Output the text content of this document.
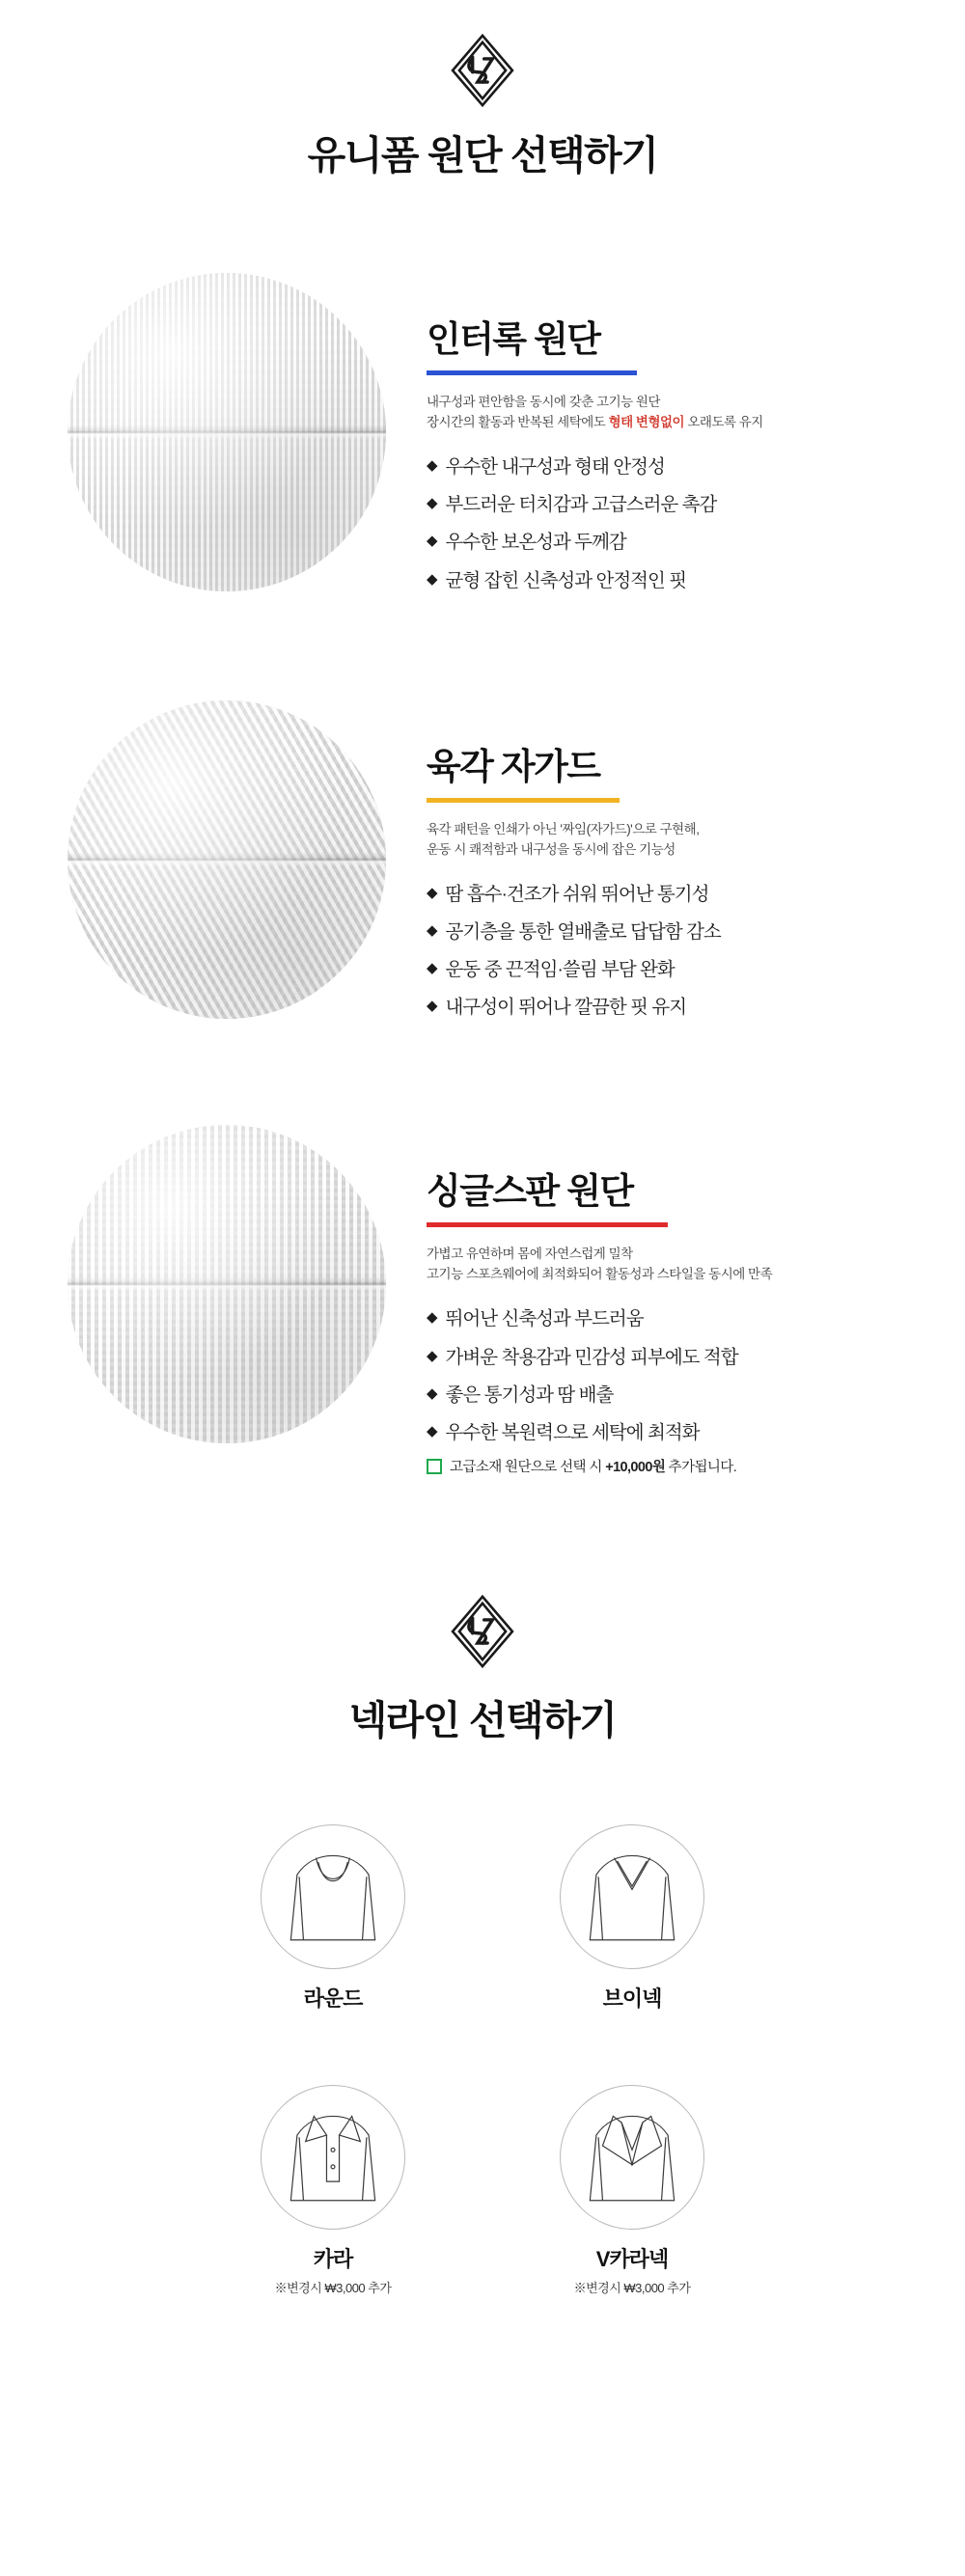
유니폼 원단 선택하기
인터록 원단

내구성과 편안함을 동시에 갖춘 고기능 원단
장시간의 활동과 반복된 세탁에도 형태 변형없이 오래도록 유지

◆ 우수한 내구성과 형태 안정성
◆ 부드러운 터치감과 고급스러운 촉감
◆ 우수한 보온성과 두께감
◆ 균형 잡힌 신축성과 안정적인 핏
육각 자가드

육각 패턴을 인쇄가 아닌 '짜임(자가드)'으로 구현해,
운동 시 쾌적함과 내구성을 동시에 잡은 기능성

◆ 땀 흡수·건조가 쉬워 뛰어난 통기성
◆ 공기층을 통한 열배출로 답답함 감소
◆ 운동 중 끈적임·쓸림 부담 완화
◆ 내구성이 뛰어나 깔끔한 핏 유지
싱글스판 원단

가볍고 유연하며 몸에 자연스럽게 밀착
고기능 스포츠웨어에 최적화되어 활동성과 스타일을 동시에 만족

◆ 뛰어난 신축성과 부드러움
◆ 가벼운 착용감과 민감성 피부에도 적합
◆ 좋은 통기성과 땀 배출
◆ 우수한 복원력으로 세탁에 최적화
고급소재 원단으로 선택 시 +10,000원 추가됩니다.
넥라인 선택하기
라운드	브이넥
카라
※변경시 ₩3,000 추가
V카라넥
※변경시 ₩3,000 추가
